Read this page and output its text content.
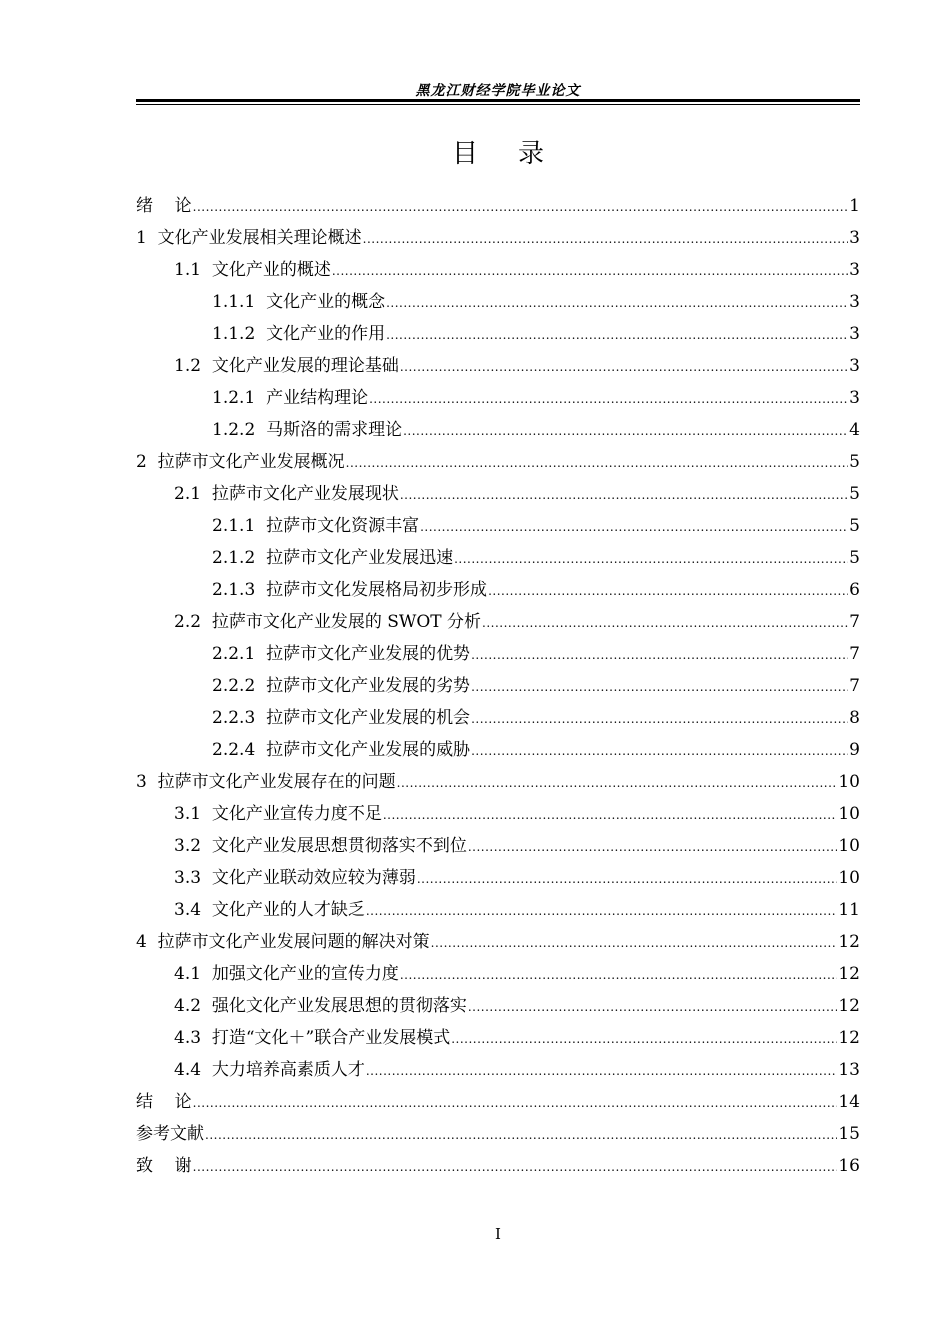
黑龙江财经学院毕业论文
目录
绪    论 .....	1
1  文化产业发展相关理论概述 .....	3
1.1  文化产业的概述 .....	3
1.1.1  文化产业的概念 .....	3
1.1.2  文化产业的作用 .....	3
1.2  文化产业发展的理论基础 .....	3
1.2.1  产业结构理论 .....	3
1.2.2  马斯洛的需求理论 .....	4
2  拉萨市文化产业发展概况 .....	5
2.1  拉萨市文化产业发展现状 .....	5
2.1.1  拉萨市文化资源丰富 .....	5
2.1.2  拉萨市文化产业发展迅速 .....	5
2.1.3  拉萨市文化发展格局初步形成 .....	6
2.2  拉萨市文化产业发展的 SWOT 分析 .....	7
2.2.1  拉萨市文化产业发展的优势 .....	7
2.2.2  拉萨市文化产业发展的劣势 .....	7
2.2.3  拉萨市文化产业发展的机会 .....	8
2.2.4  拉萨市文化产业发展的威胁 .....	9
3  拉萨市文化产业发展存在的问题 .....	10
3.1  文化产业宣传力度不足 .....	10
3.2  文化产业发展思想贯彻落实不到位 .....	10
3.3  文化产业联动效应较为薄弱 .....	10
3.4  文化产业的人才缺乏 .....	11
4  拉萨市文化产业发展问题的解决对策 .....	12
4.1  加强文化产业的宣传力度 .....	12
4.2  强化文化产业发展思想的贯彻落实 .....	12
4.3  打造“文化＋”联合产业发展模式 .....	12
4.4  大力培养高素质人才 .....	13
结    论 .....	14
参考文献 .....	15
致    谢 .....	16
I
